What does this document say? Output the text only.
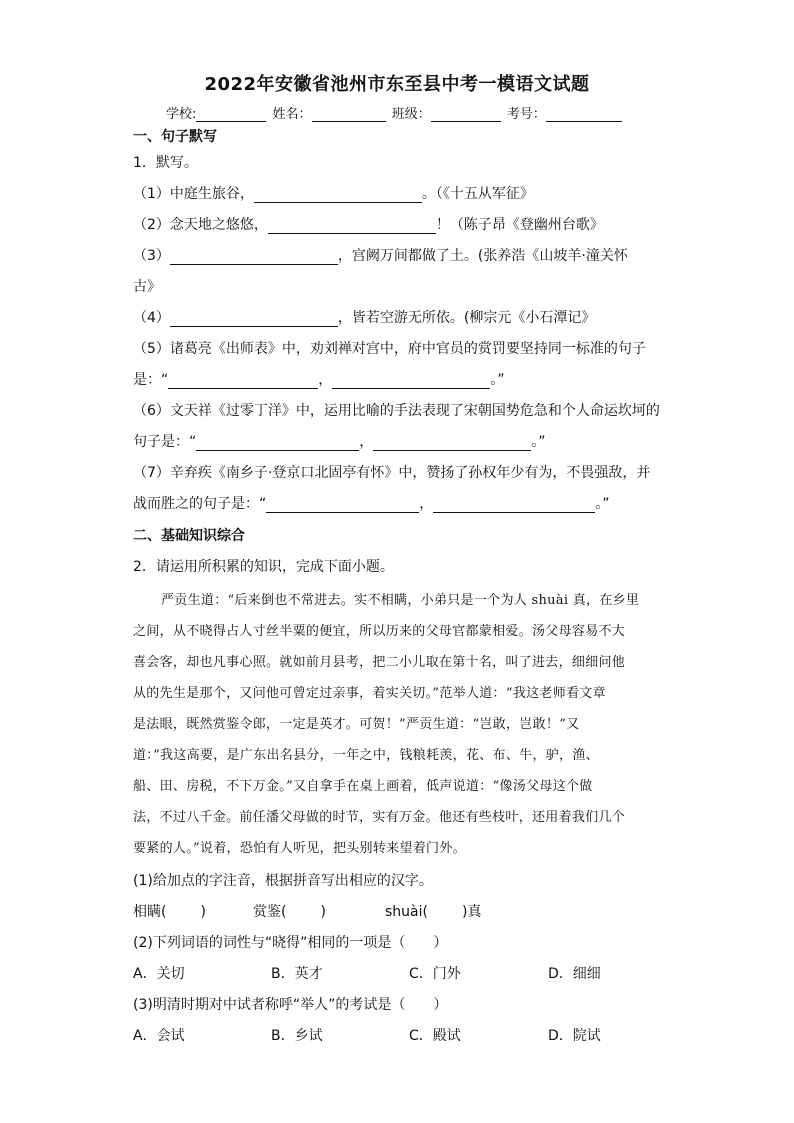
2022年安徽省池州市东至县中考一模语文试题
学校:	姓名：	班级：	考号：
一、句子默写
1．默写。
（1）中庭生旅谷，	。（《十五从军征》
（2）念天地之悠悠，	！（陈子昂《登幽州台歌》
（3）	，宫阙万间都做了土。(张养浩《山坡羊·潼关怀
古》
（4）	，皆若空游无所依。(柳宗元《小石潭记》
（5）诸葛亮《出师表》中，劝刘禅对宫中，府中官员的赏罚要坚持同一标准的句子
是：“	，	。”
（6）文天祥《过零丁洋》中，运用比喻的手法表现了宋朝国势危急和个人命运坎坷的
句子是：“	，	。”
（7）辛弃疾《南乡子·登京口北固亭有怀》中，赞扬了孙权年少有为，不畏强敌，并
战而胜之的句子是：“	，	。”
二、基础知识综合
2．请运用所积累的知识，完成下面小题。
严贡生道：“后来倒也不常进去。实不相瞒，小弟只是一个为人 shuài 真，在乡里
之间，从不晓得占人寸丝半粟的便宜，所以历来的父母官都蒙相爱。汤父母容易不大
喜会客，却也凡事心照。就如前月县考，把二小儿取在第十名，叫了进去，细细问他
从的先生是那个，又问他可曾定过亲事，着实关切。”范举人道：“我这老师看文章
是法眼，既然赏鉴令郎，一定是英才。可贺！”严贡生道：“岂敢，岂敢！”又
道：”我这高要，是广东出名县分，一年之中，钱粮耗羡，花、布、牛，驴，渔、
船、田、房税，不下万金。”又自拿手在桌上画着，低声说道：“像汤父母这个做
法，不过八千金。前任潘父母做的时节，实有万金。他还有些枝叶，还用着我们几个
要紧的人。”说着，恐怕有人听见，把头别转来望着门外。
(1)给加点的字注音，根据拼音写出相应的汉字。
相瞒( )	赏鉴( )	shuài( )真
(2)下列词语的词性与“晓得”相同的一项是（　　）
A．关切	B．英才	C．门外	D．细细
(3)明清时期对中试者称呼“举人”的考试是（　　）
A．会试	B．乡试	C．殿试	D．院试
